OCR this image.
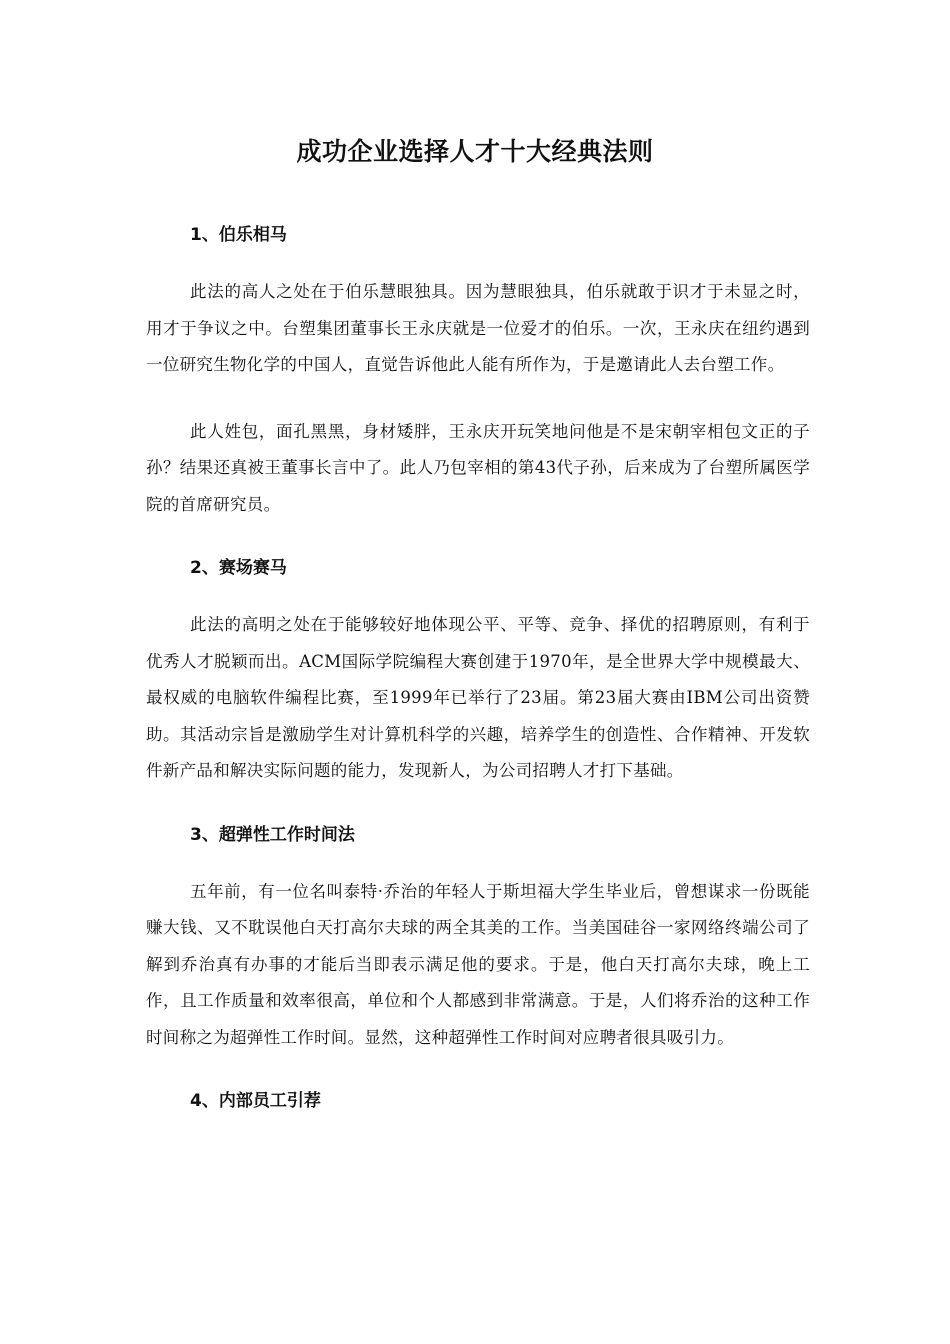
成功企业选择人才十大经典法则
1、伯乐相马

此法的高人之处在于伯乐慧眼独具。因为慧眼独具，伯乐就敢于识才于未显之时，用才于争议之中。台塑集团董事长王永庆就是一位爱才的伯乐。一次，王永庆在纽约遇到一位研究生物化学的中国人，直觉告诉他此人能有所作为，于是邀请此人去台塑工作。

此人姓包，面孔黑黑，身材矮胖，王永庆开玩笑地问他是不是宋朝宰相包文正的子孙？结果还真被王董事长言中了。此人乃包宰相的第43代子孙，后来成为了台塑所属医学院的首席研究员。

2、赛场赛马

此法的高明之处在于能够较好地体现公平、平等、竞争、择优的招聘原则，有利于优秀人才脱颖而出。ACM国际学院编程大赛创建于1970年，是全世界大学中规模最大、最权威的电脑软件编程比赛，至1999年已举行了23届。第23届大赛由IBM公司出资赞助。其活动宗旨是激励学生对计算机科学的兴趣，培养学生的创造性、合作精神、开发软件新产品和解决实际问题的能力，发现新人，为公司招聘人才打下基础。

3、超弹性工作时间法

五年前，有一位名叫泰特·乔治的年轻人于斯坦福大学生毕业后，曾想谋求一份既能赚大钱、又不耽误他白天打高尔夫球的两全其美的工作。当美国硅谷一家网络终端公司了解到乔治真有办事的才能后当即表示满足他的要求。于是，他白天打高尔夫球，晚上工作，且工作质量和效率很高，单位和个人都感到非常满意。于是，人们将乔治的这种工作时间称之为超弹性工作时间。显然，这种超弹性工作时间对应聘者很具吸引力。

4、内部员工引荐
